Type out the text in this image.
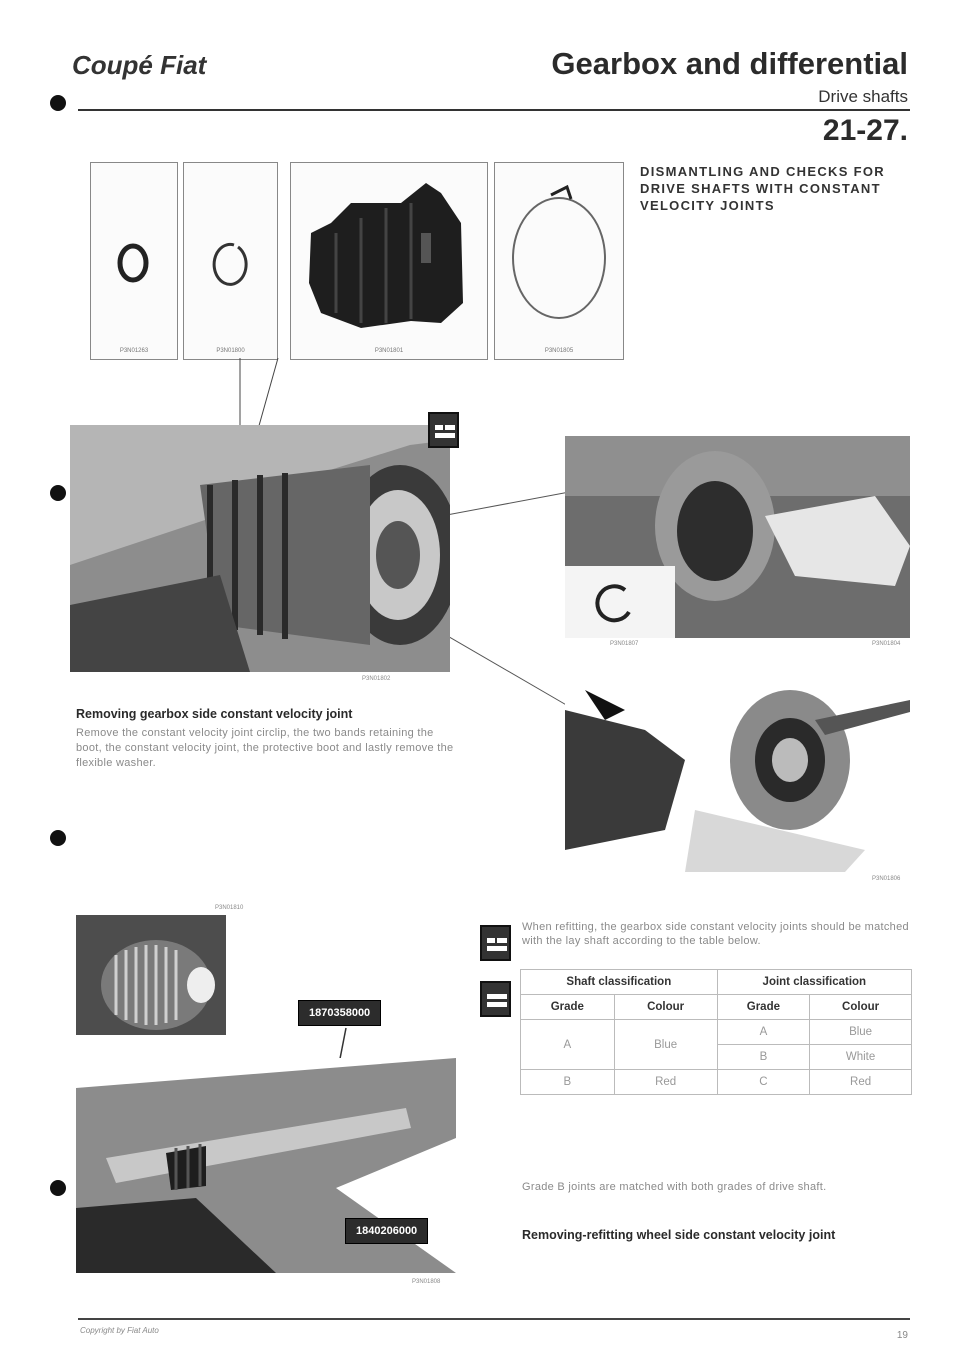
Coupé Fiat	Gearbox and differential
Drive shafts
21-27.
DISMANTLING AND CHECKS FOR DRIVE SHAFTS WITH CONSTANT VELOCITY JOINTS
P3N01263	P3N01800	P3N01801	P3N01805
P3N01802
P3N01807	P3N01804
P3N01806
Removing gearbox side constant velocity joint
Remove the constant velocity joint circlip, the two bands retaining the boot, the constant velocity joint, the protective boot and lastly remove the flexible washer.
P3N01810
P3N01808
1870358000
1840206000
When refitting, the gearbox side constant velocity joints should be matched with the lay shaft according to the table below.
Shaft classification		Joint classification	
Grade	Colour	Grade	Colour
A	Blue	A	Blue
		B	White
B	Red	C	Red
Grade B joints are matched with both grades of drive shaft.
Removing-refitting wheel side constant velocity joint
Copyright by Fiat Auto	19
